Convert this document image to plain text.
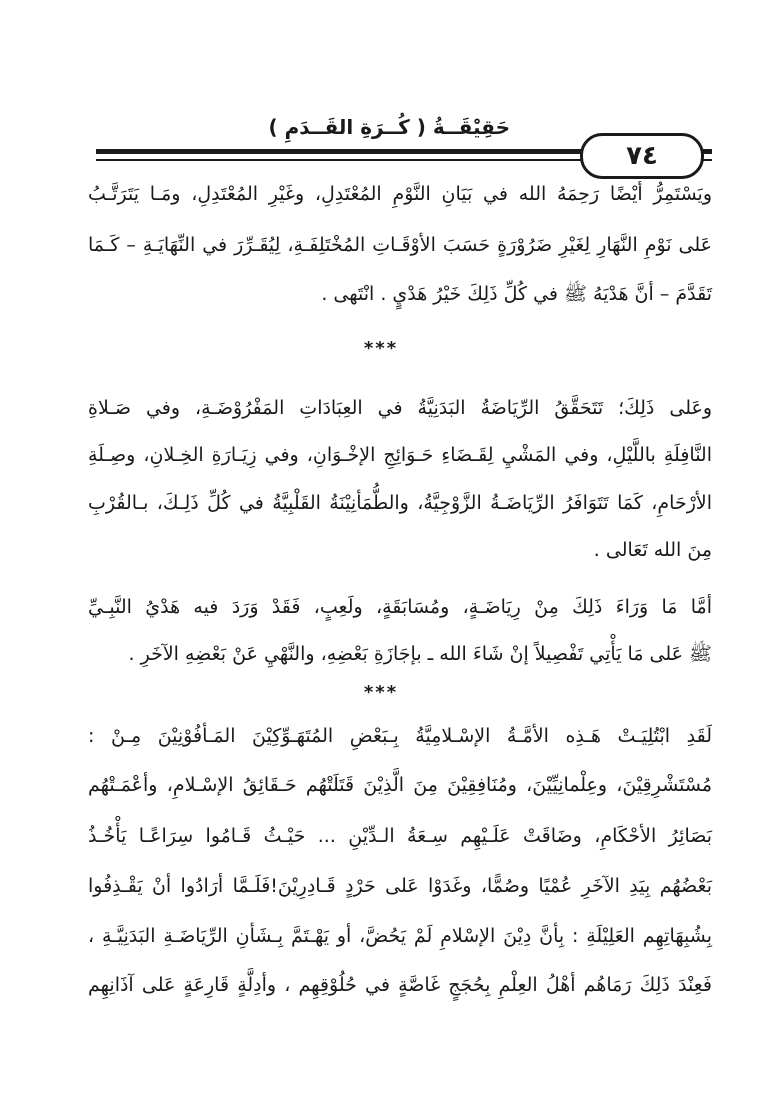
حَقِيْقَــةُ ( كُــرَةِ القَــدَمِ )
٧٤
ويَسْتَمِرُّ أيْضًا رَحِمَهُ الله في بَيَانِ النَّوْمِ المُعْتَدِلِ، وغَيْرِ المُعْتَدِلِ، ومَـا يَتَرَتَّـبُ
عَلى نَوْمِ النَّهَارِ لِغَيْرِ ضَرُوْرَةٍ حَسَبَ الأوْقَـاتِ المُخْتَلِفَـةِ، لِيُقَـرِّرَ في النِّهَايَـةِ – كَـمَا
تَقَدَّمَ – أنَّ هَدْيَهُ ﷺ في كُلِّ ذَلِكَ خَيْرُ هَدْيٍ . انْتَهى .
***
وعَلى ذَلِكَ؛ تَتَحَقَّقُ الرِّيَاضَةُ البَدَنِيَّةُ في العِبَادَاتِ المَفْرُوْضَـةِ، وفي صَـلاةِ
النَّافِلَةِ باللَّيْلِ، وفي المَشْيِ لِقَـضَاءِ حَـوَائِجِ الإخْـوَانِ، وفي زِيَـارَةِ الخِـلانِ، وصِـلَةِ
الأرْحَامِ، كَمَا تَتَوَافَرُ الرِّيَاضَـةُ الزَّوْجِيَّةُ، والطُّمَأنِيْنَةُ القَلْبِيَّةُ في كُلِّ ذَلِـكَ، بـالقُرْبِ
مِنَ الله تَعَالى .
أمَّا مَا وَرَاءَ ذَلِكَ مِنْ رِيَاضَـةٍ، ومُسَابَقَةٍ، ولَعِبٍ، فَقَدْ وَرَدَ فيه هَدْيُ النَّبِـيِّ
ﷺ عَلى مَا يَأْتِي تَفْصِيلاً إنْ شَاءَ الله ـ بإجَازَةِ بَعْضِهِ، والنَّهْيِ عَنْ بَعْضِهِ الآخَرِ .
***
لَقَدِ ابْتُلِيَـتْ هَـذِه الأمَّـةُ الإسْـلامِيَّةُ بِـبَعْضِ المُتَهَـوِّكِيْنَ المَـأفُوْنِيْنَ مِـنْ :
مُسْتَشْرِقِيْنَ، وعِلْمانِيِّيْنَ، ومُنَافِقِيْنَ مِنَ الَّذِيْنَ قَتَلَتْهُم حَـقَائِقُ الإسْـلامِ، وأعْمَـتْهُم
بَصَائِرُ الأحْكَامِ، وضَاقَتْ عَلَـيْهِم سِـعَةُ الـدِّيْنِ ... حَيْـثُ قَـامُوا سِرَاعًـا يَأْخُـذُ
بَعْضُهُم بِيَدِ الآخَرِ عُمْيًا وصُمًّا، وغَدَوْا عَلى حَرْدٍ قَـادِرِيْنَ!فَلَـمَّا أرَادُوا أنْ يَقْـذِفُوا
بِشُبِهَاتِهِم العَلِيْلَةِ : بِأنَّ دِيْنَ الإسْلامِ لَمْ يَحُضَّ، أو يَهْـتَمَّ بِـشَأنِ الرِّيَاضَـةِ البَدَنِيَّـةِ ،
فَعِنْدَ ذَلِكَ رَمَاهُم أهْلُ العِلْمِ بِحُجَجٍ غَاصَّةٍ في حُلُوْقِهِم ، وأدِلَّةٍ قَارِعَةٍ عَلى آذَانِهِم
